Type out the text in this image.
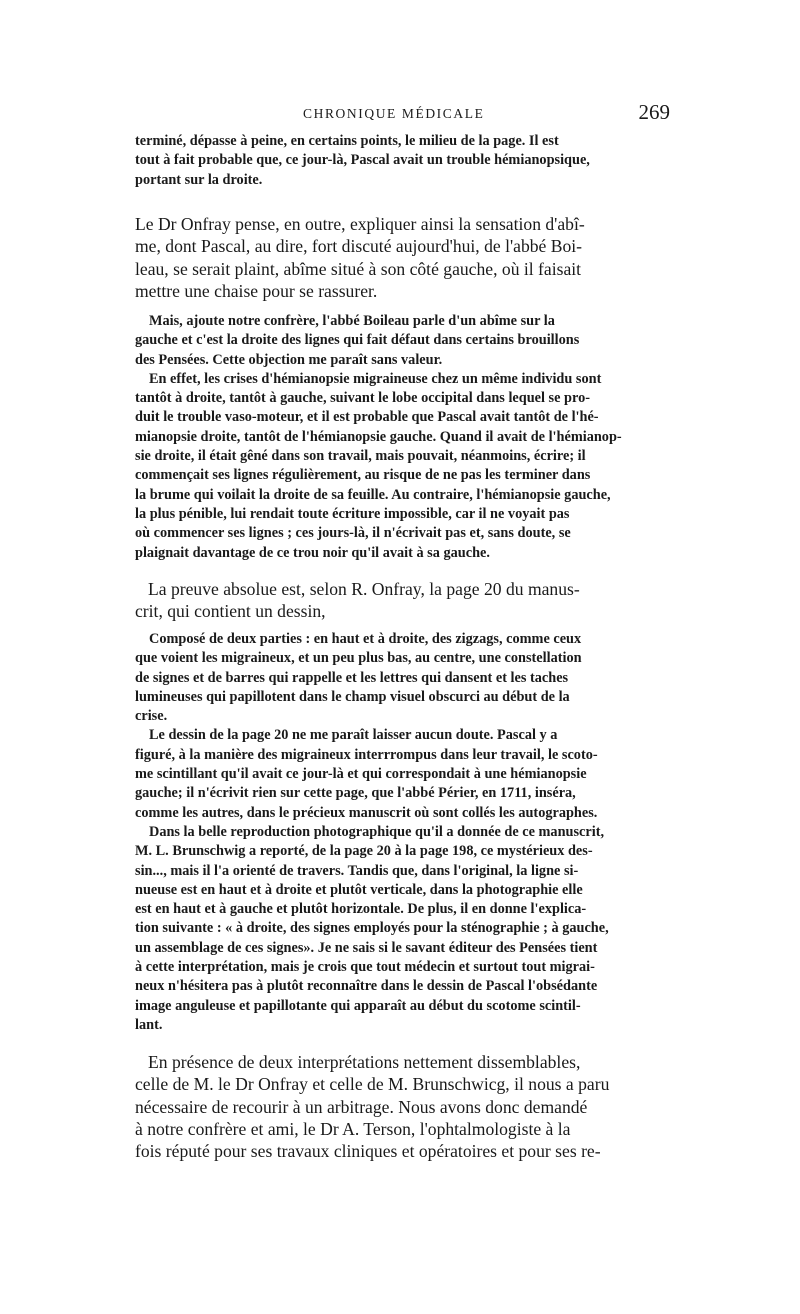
CHRONIQUE MÉDICALE	269
terminé, dépasse à peine, en certains points, le milieu de la page. Il est
tout à fait probable que, ce jour-là, Pascal avait un trouble hémianopsique,
portant sur la droite.
Le Dr Onfray pense, en outre, expliquer ainsi la sensation d'abî-
me, dont Pascal, au dire, fort discuté aujourd'hui, de l'abbé Boi-
leau, se serait plaint, abîme situé à son côté gauche, où il faisait
mettre une chaise pour se rassurer.
Mais, ajoute notre confrère, l'abbé Boileau parle d'un abîme sur la
gauche et c'est la droite des lignes qui fait défaut dans certains brouillons
des Pensées. Cette objection me paraît sans valeur.
En effet, les crises d'hémianopsie migraineuse chez un même individu sont
tantôt à droite, tantôt à gauche, suivant le lobe occipital dans lequel se pro-
duit le trouble vaso-moteur, et il est probable que Pascal avait tantôt de l'hé-
mianopsie droite, tantôt de l'hémianopsie gauche. Quand il avait de l'hémianop-
sie droite, il était gêné dans son travail, mais pouvait, néanmoins, écrire; il
commençait ses lignes régulièrement, au risque de ne pas les terminer dans
la brume qui voilait la droite de sa feuille. Au contraire, l'hémianopsie gauche,
la plus pénible, lui rendait toute écriture impossible, car il ne voyait pas
où commencer ses lignes ; ces jours-là, il n'écrivait pas et, sans doute, se
plaignait davantage de ce trou noir qu'il avait à sa gauche.
La preuve absolue est, selon R. Onfray, la page 20 du manus-
crit, qui contient un dessin,
Composé de deux parties : en haut et à droite, des zigzags, comme ceux
que voient les migraineux, et un peu plus bas, au centre, une constellation
de signes et de barres qui rappelle et les lettres qui dansent et les taches
lumineuses qui papillotent dans le champ visuel obscurci au début de la
crise.
Le dessin de la page 20 ne me paraît laisser aucun doute. Pascal y a
figuré, à la manière des migraineux interrrompus dans leur travail, le scoto-
me scintillant qu'il avait ce jour-là et qui correspondait à une hémianopsie
gauche; il n'écrivit rien sur cette page, que l'abbé Périer, en 1711, inséra,
comme les autres, dans le précieux manuscrit où sont collés les autographes.
Dans la belle reproduction photographique qu'il a donnée de ce manuscrit,
M. L. Brunschwig a reporté, de la page 20 à la page 198, ce mystérieux des-
sin..., mais il l'a orienté de travers. Tandis que, dans l'original, la ligne si-
nueuse est en haut et à droite et plutôt verticale, dans la photographie elle
est en haut et à gauche et plutôt horizontale. De plus, il en donne l'explica-
tion suivante : « à droite, des signes employés pour la sténographie ; à gauche,
un assemblage de ces signes». Je ne sais si le savant éditeur des Pensées tient
à cette interprétation, mais je crois que tout médecin et surtout tout migrai-
neux n'hésitera pas à plutôt reconnaître dans le dessin de Pascal l'obsédante
image anguleuse et papillotante qui apparaît au début du scotome scintil-
lant.
En présence de deux interprétations nettement dissemblables,
celle de M. le Dr Onfray et celle de M. Brunschwicg, il nous a paru
nécessaire de recourir à un arbitrage. Nous avons donc demandé
à notre confrère et ami, le Dr A. Terson, l'ophtalmologiste à la
fois réputé pour ses travaux cliniques et opératoires et pour ses re-
